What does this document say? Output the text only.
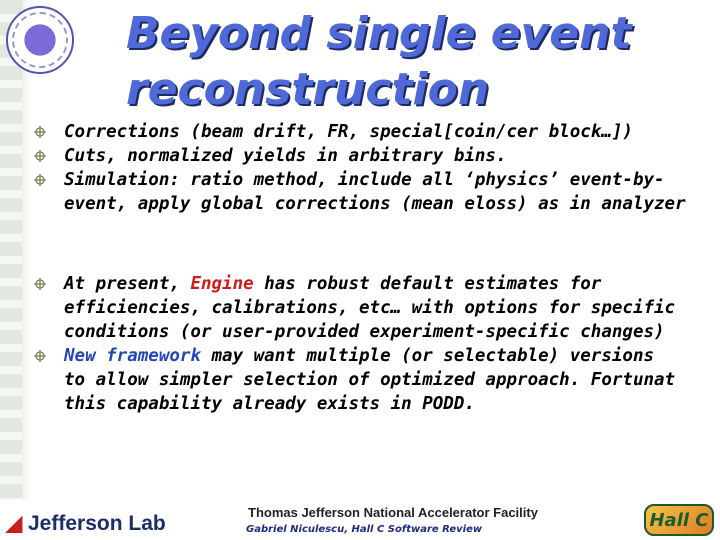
Beyond single event
reconstruction
Corrections (beam drift, FR, special[coin/cer block…])
Cuts, normalized yields in arbitrary bins.
Simulation: ratio method, include all ‘physics’ event-by-
event, apply global corrections (mean eloss) as in analyzer
At present, Engine has robust default estimates for
efficiencies, calibrations, etc… with options for specific
conditions (or user-provided experiment-specific changes)
New framework may want multiple (or selectable) versions
to allow simpler selection of optimized approach. Fortunat
this capability already exists in PODD.
◢ Jefferson Lab	Thomas Jefferson National Accelerator Facility
Gabriel Niculescu, Hall C Software Review	Hall C
